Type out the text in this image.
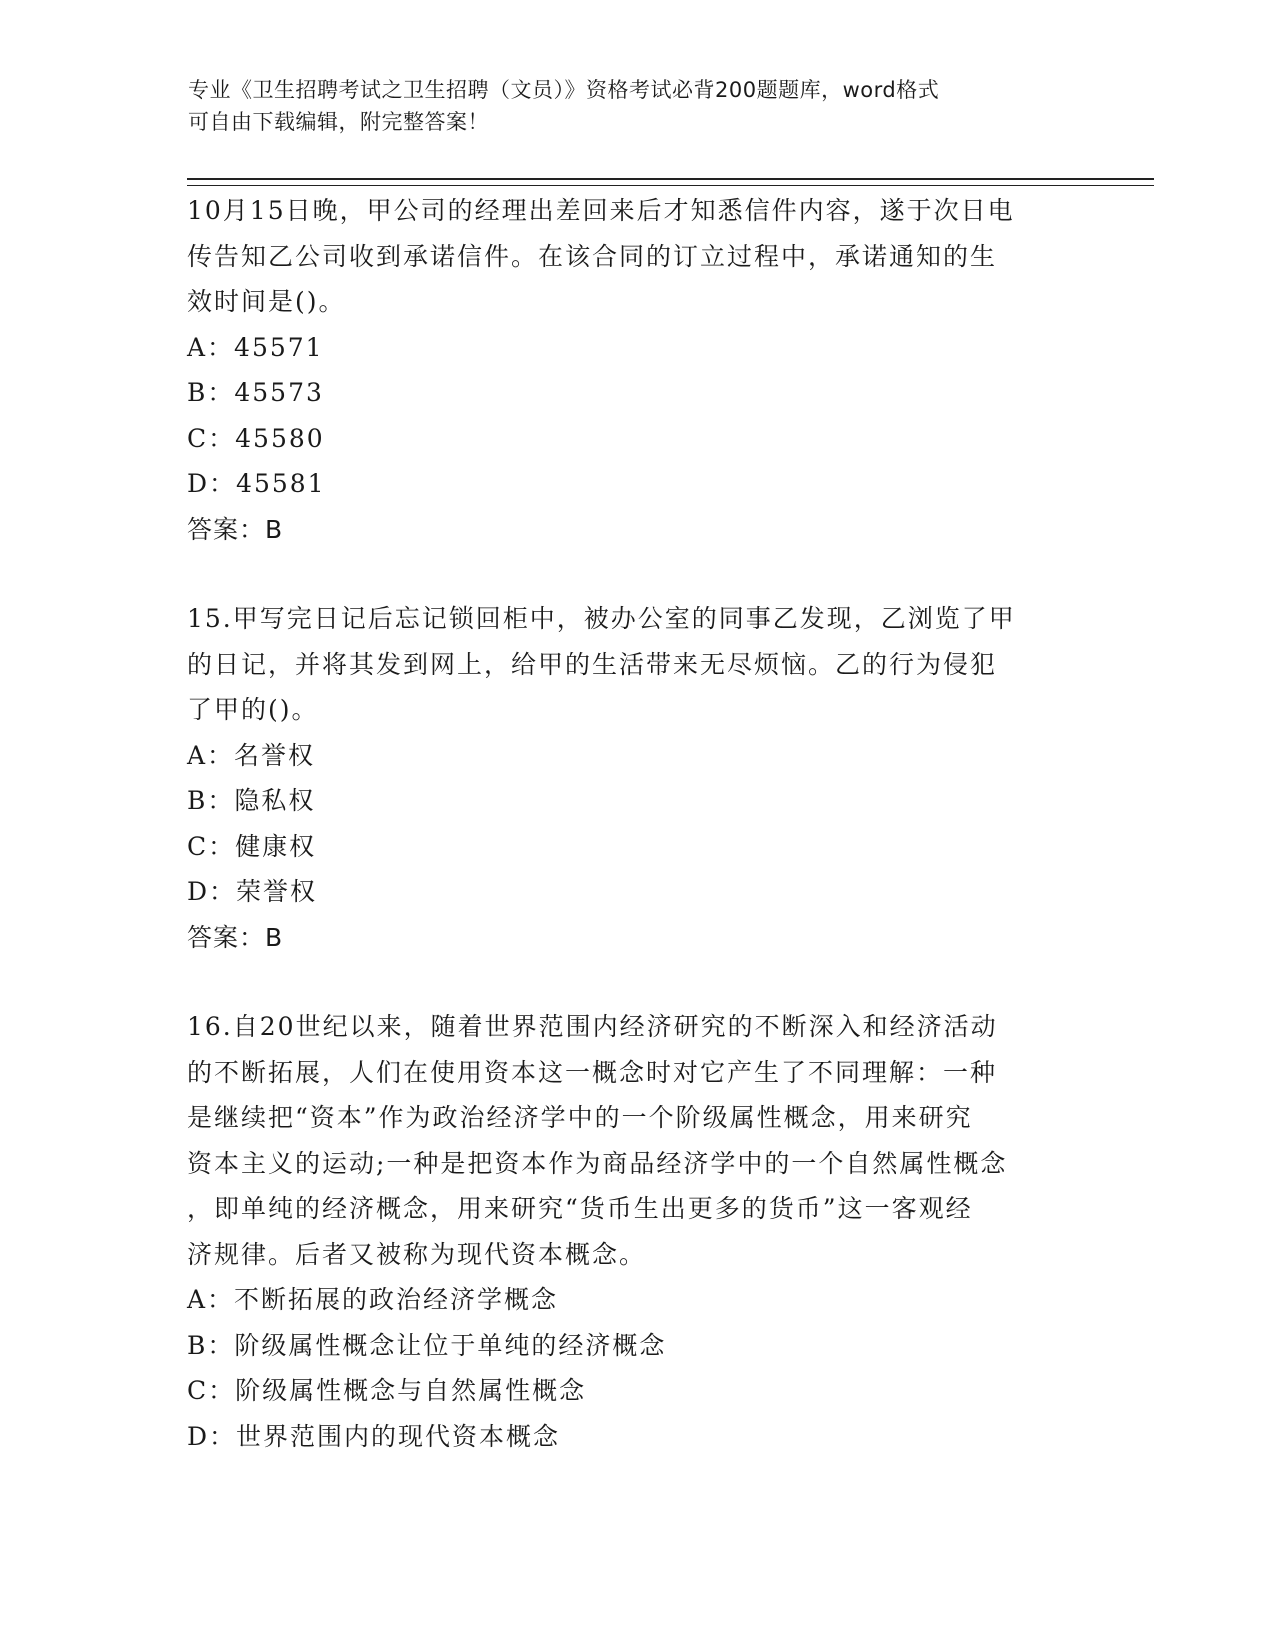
专业《卫生招聘考试之卫生招聘（文员）》资格考试必背200题题库，word格式
可自由下载编辑，附完整答案！
10月15日晚，甲公司的经理出差回来后才知悉信件内容，遂于次日电
传告知乙公司收到承诺信件。在该合同的订立过程中，承诺通知的生
效时间是()。
A：45571
B：45573
C：45580
D：45581
答案：B
15.甲写完日记后忘记锁回柜中，被办公室的同事乙发现，乙浏览了甲
的日记，并将其发到网上，给甲的生活带来无尽烦恼。乙的行为侵犯
了甲的()。
A：名誉权
B：隐私权
C：健康权
D：荣誉权
答案：B
16.自20世纪以来，随着世界范围内经济研究的不断深入和经济活动
的不断拓展，人们在使用资本这一概念时对它产生了不同理解：一种
是继续把“资本”作为政治经济学中的一个阶级属性概念，用来研究
资本主义的运动;一种是把资本作为商品经济学中的一个自然属性概念
，即单纯的经济概念，用来研究“货币生出更多的货币”这一客观经
济规律。后者又被称为现代资本概念。
A：不断拓展的政治经济学概念
B：阶级属性概念让位于单纯的经济概念
C：阶级属性概念与自然属性概念
D：世界范围内的现代资本概念
